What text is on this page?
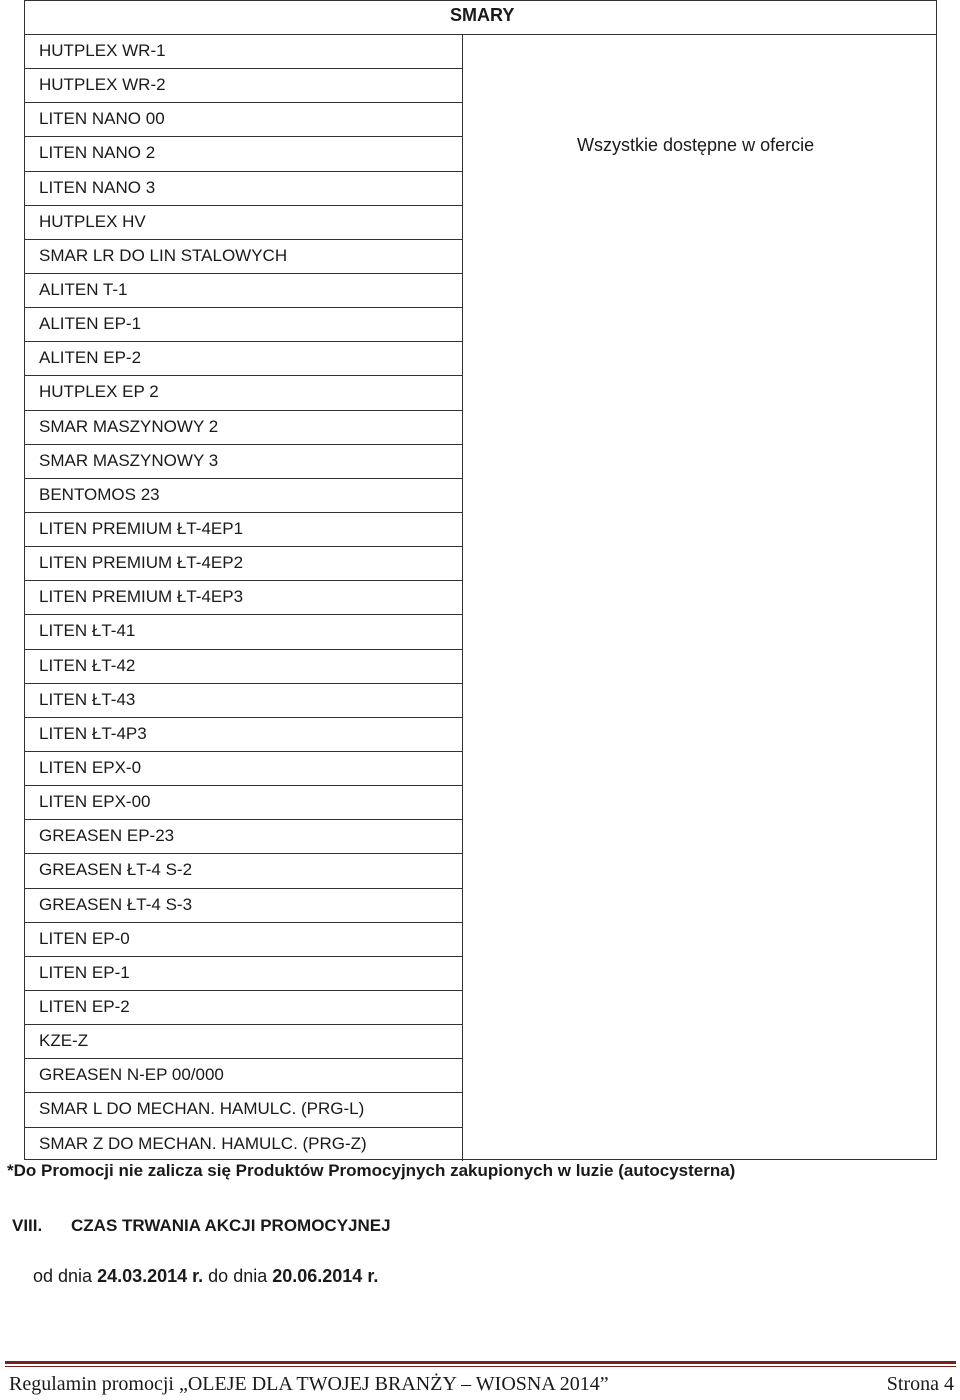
SMARY
HUTPLEX WR-1
HUTPLEX WR-2
LITEN NANO 00
LITEN NANO 2
LITEN NANO 3
HUTPLEX HV
SMAR LR DO LIN STALOWYCH
ALITEN T-1
ALITEN EP-1
ALITEN EP-2
HUTPLEX EP 2
SMAR MASZYNOWY 2
SMAR MASZYNOWY 3
BENTOMOS 23
LITEN PREMIUM ŁT-4EP1
LITEN PREMIUM ŁT-4EP2
LITEN PREMIUM ŁT-4EP3
LITEN ŁT-41
LITEN ŁT-42
LITEN ŁT-43
LITEN ŁT-4P3
LITEN EPX-0
LITEN EPX-00
GREASEN EP-23
GREASEN ŁT-4 S-2
GREASEN ŁT-4 S-3
LITEN EP-0
LITEN EP-1
LITEN EP-2
KZE-Z
GREASEN N-EP 00/000
SMAR L DO MECHAN. HAMULC. (PRG-L)
SMAR Z DO MECHAN. HAMULC. (PRG-Z)
Wszystkie dostępne w ofercie
*Do Promocji nie zalicza się Produktów Promocyjnych zakupionych w luzie (autocysterna)
VIII. CZAS TRWANIA AKCJI PROMOCYJNEJ
od dnia 24.03.2014 r. do dnia 20.06.2014 r.
Regulamin promocji „OLEJE DLA TWOJEJ BRANŻY – WIOSNA 2014”	Strona 4
